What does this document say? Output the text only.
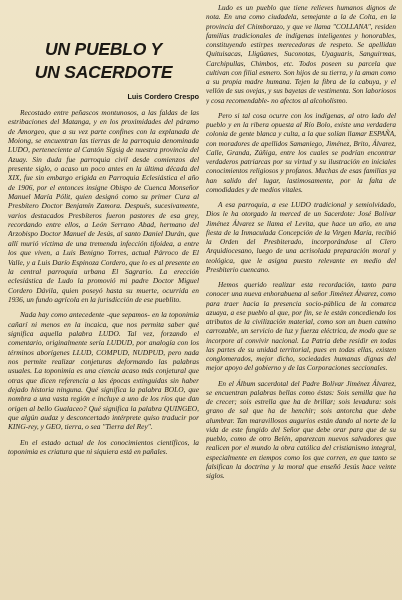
UN PUEBLO Y
UN SACERDOTE
Luis Cordero Crespo

Recostado entre peñascos montunosos, a las faldas de las estribaciones del Matanga, y en los proximidades del páramo de Amorgeo, que a su vez parte confines con la explanada de Moiong, se encuentran las tierras de la parroquia denominada LUDO, perteneciente al Cantón Sigsig de nuestra provincia del Azuay. Sin duda fue parroquia civil desde comienzos del presente siglo, o acaso un poco antes en la última década del XIX, fue sin embargo erigida en Parroquia Eclesiástica el año de 1906, por el entonces insigne Obispo de Cuenca Monseñor Manuel María Pólit, quien designó como su primer Cura al Presbítero Doctor Benjamín Zamora. Después, sucesivamente, varios destacados Presbíteros fueron pastores de esa grey, recordando entre ellos, a León Serrano Abad, hermano del Arzobispo Doctor Manuel de Jesús, al santo Daniel Durán, que allí murió víctima de una tremenda infección tifoidea, a entre los que viven, a Luis Benigno Torres, actual Párroco de El Valle, y a Luis Darío Espinoza Cordero, que lo es al presente en la central parroquia urbana El Sagrario. La erección eclesiástica de Ludo la promovió mi padre Doctor Miguel Cordero Dávila, quien poseyó hasta su muerte, ocurrida en 1936, un fundo agrícola en la jurisdicción de ese pueblito.

Nada hay como antecedente -que sepamos- en la toponimia cañarí ni menos en la incaica, que nos permita saber qué significa aquella palabra LUDO. Tal vez, forzando el comentario, originalmente sería LUDUD, por analogía con los términos aborígenes LLUD, COMPUD, NUDPUD, pero nada nos permite realizar conjeturas deformando las palabras usuales. La toponimia es una ciencia acaso más conjetural que otras que dicen referencia a las épocas extinguidas sin haber dejado historia ninguna. Qué significa la palabra BOLO, que nombra a una vasta región e incluye a uno de los ríos que dan origen al bello Gualaceo? Qué significa la palabra QUINGEO, que algún audaz y desconcertado intérprete quiso traducir por KING-rey, y GEO, tierra, o sea "Tierra del Rey".

En el estado actual de los conocimientos científicos, la toponimia es criatura que ni siquiera está en pañales.

Ludo es un pueblo que tiene relieves humanos dignos de nota. En una como ciudadela, semejante a la de Colta, en la provincia del Chimborazo, y que ve llama "COLLANA", residen familias tradicionales de indígenas inteligentes y honorables, constituyendo estirpes merecedoras de respeto. Se apellidan Quituisacas, Lligüanes, Suconotas, Uyaguaris, Sanguirmas, Carchipullas, Chimbos, etc. Todos poseen su parcela que cultivan con filial esmero. Son hijos de su tierra, y la aman como a su propia madre humana. Tejen la fibra de la cabuya, y el vellón de sus ovejas, y sus bayetas de vestimenta. Son laboriosos y cosa recomendable- no afectos al alcoholismo.

Pero si tal cosa ocurre con los indígenas, al otro lado del pueblo y en la ribera opuesta al Río Bolo, existe una verdadera colonia de gente blanca y culta, a la que solían llamar ESPAÑA, con moradores de apellidos Samaniego, Jiménez, Brito, Álvarez, Calle, Granda, Zúñiga, entre los cuales se podrían encontrar verdaderos patriarcas por su virtud y su ilustración en iniciales conocimientos religiosos y profanos. Muchas de esas familias ya han salido del lugar, lastimosamente, por la falta de comodidades y de medios vitales.

A esa parroquia, a ese LUDO tradicional y semiolvidado, Dios le ha otorgado la merced de un Sacerdote: José Bolívar Jiménez Álvarez se llama el Levita, que hace un año, en una fiesta de la Inmaculada Concepción de la Virgen María, recibió la Orden del Presbiterado, incorporándose al Clero Arquidiocesano, luego de una acrisolada preparación moral y teológica, que le asigna puesto relevante en medio del Presbiterio cuencano.

Hemos querido realizar esta recordación, tanto para conocer una nueva enhorabuena al señor Jiménez Álvarez, como para traer hacia la presencia socio-pública de la comarca azuaya, a ese pueblo al que, por fin, se le están concediendo los atributos de la civilización material, como son un buen camino carrozable, un servicio de luz y fuerza eléctrica, de modo que se incorpore al convivir nacional. La Patria debe residir en todas las partes de su unidad territorial, pues en todas ellas, existen conglomerados, mejor dicho, sociedades humanas dignas del mejor apoyo del gobierno y de las Corporaciones seccionales.

En el Álbum sacerdotal del Padre Bolívar Jiménez Álvarez, se encuentran palabras bellas como éstas: Sois semilla que ha de crecer; sois estrella que ha de brillar; sois levadura: sois grano de sal que ha de henchir; sois antorcha que debe alumbrar. Tan maravillosos augurios están dando al norte de la vida de este fungido del Señor que debe orar para que de su pueblo, como de otro Belén, aparezcan nuevos salvadores que realicen por el mundo la obra católica del cristianismo integral, especialmente en tiempos como los que corren, en que tanto se falsifican la doctrina y la moral que enseñó Jesús hace veinte siglos.
